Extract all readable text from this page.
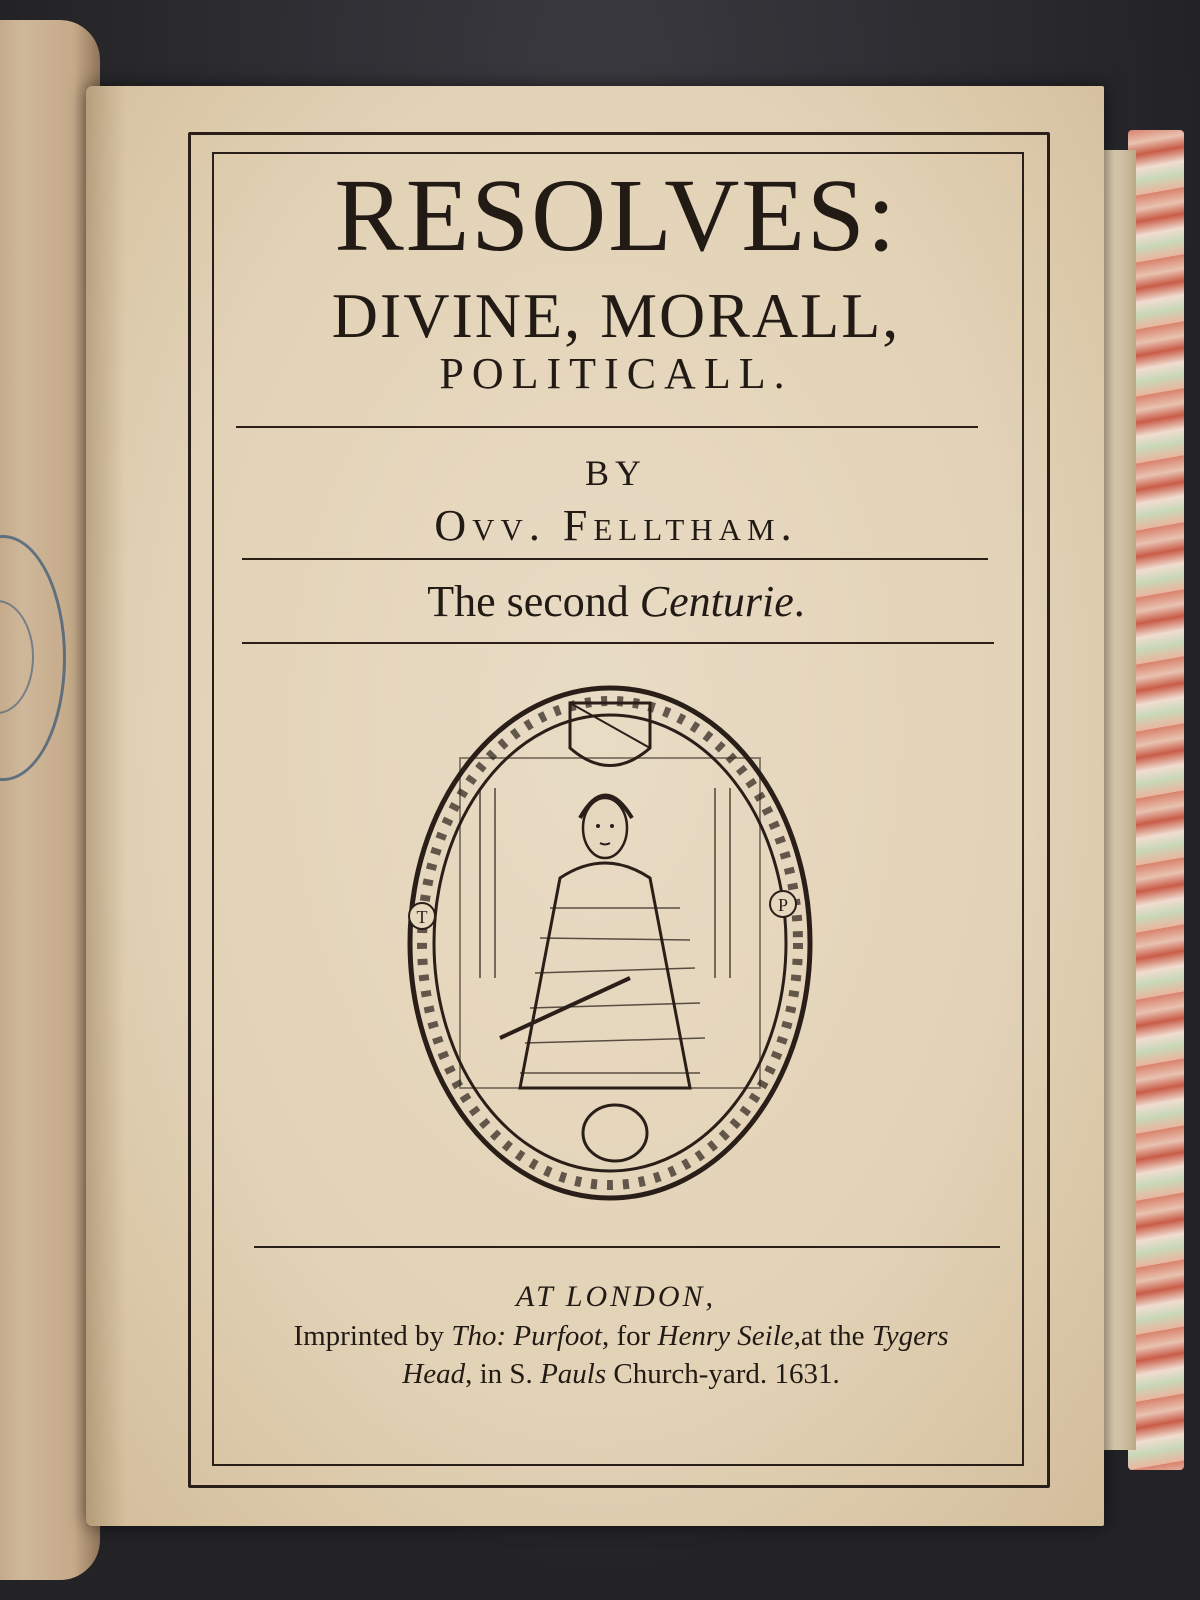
RESOLVES:
DIVINE, MORALL,
POLITICALL.
BY
Ovv. Felltham.
The second Centurie.
T
P
AT LONDON,
Imprinted by Tho: Purfoot, for Henry Seile,at the Tygers
Head, in S. Pauls Church-yard. 1631.
